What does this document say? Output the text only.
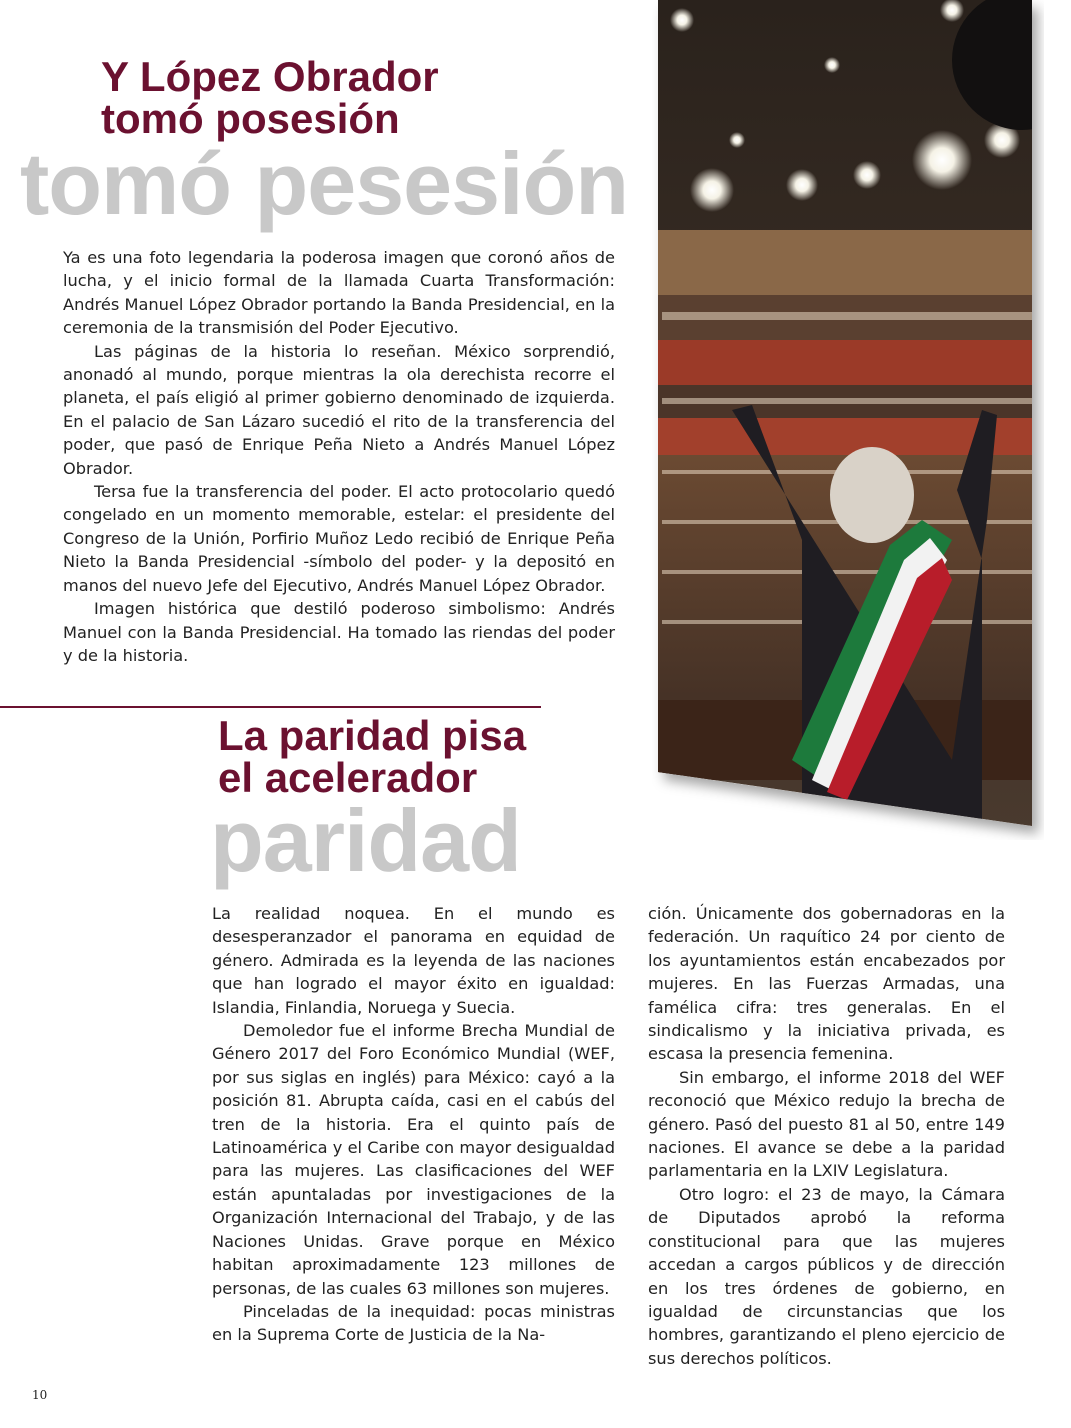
tomó pesesión
Y López Obrador
tomó posesión

Ya es una foto legendaria la poderosa imagen que coronó años de lucha, y el inicio formal de la llamada Cuarta Transformación: Andrés Manuel López Obrador portando la Banda Presidencial, en la ceremonia de la transmisión del Poder Ejecutivo.

Las páginas de la historia lo reseñan. México sorprendió, anonadó al mundo, porque mientras la ola derechista recorre el planeta, el país eligió al primer gobierno denominado de izquierda. En el palacio de San Lázaro sucedió el rito de la transferencia del poder, que pasó de Enrique Peña Nieto a Andrés Manuel López Obrador.

Tersa fue la transferencia del poder. El acto protocolario quedó congelado en un momento memorable, estelar: el presidente del Congreso de la Unión, Porfirio Muñoz Ledo recibió de Enrique Peña Nieto la Banda Presidencial -símbolo del poder- y la depositó en manos del nuevo Jefe del Ejecutivo, Andrés Manuel López Obrador.

Imagen histórica que destiló poderoso simbolismo: Andrés Manuel con la Banda Presidencial. Ha tomado las riendas del poder y de la historia.

paridad
La paridad pisa
el acelerador

La realidad noquea. En el mundo es desesperanzador el panorama en equidad de género. Admirada es la leyenda de las naciones que han logrado el mayor éxito en igualdad: Islandia, Finlandia, Noruega y Suecia.

Demoledor fue el informe Brecha Mundial de Género 2017 del Foro Económico Mundial (WEF, por sus siglas en inglés) para México: cayó a la posición 81. Abrupta caída, casi en el cabús del tren de la historia. Era el quinto país de Latinoamérica y el Caribe con mayor desigualdad para las mujeres. Las clasificaciones del WEF están apuntaladas por investigaciones de la Organización Internacional del Trabajo, y de las Naciones Unidas. Grave porque en México habitan aproximadamente 123 millones de personas, de las cuales 63 millones son mujeres.

Pinceladas de la inequidad: pocas ministras en la Suprema Corte de Justicia de la Na-

ción. Únicamente dos gobernadoras en la federación. Un raquítico 24 por ciento de los ayuntamientos están encabezados por mujeres. En las Fuerzas Armadas, una famélica cifra: tres generalas. En el sindicalismo y la iniciativa privada, es escasa la presencia femenina.

Sin embargo, el informe 2018 del WEF reconoció que México redujo la brecha de género. Pasó del puesto 81 al 50, entre 149 naciones. El avance se debe a la paridad parlamentaria en la LXIV Legislatura.

Otro logro: el 23 de mayo, la Cámara de Diputados aprobó la reforma constitucional para que las mujeres accedan a cargos públicos y de dirección en los tres órdenes de gobierno, en igualdad de circunstancias que los hombres, garantizando el pleno ejercicio de sus derechos políticos.

10
